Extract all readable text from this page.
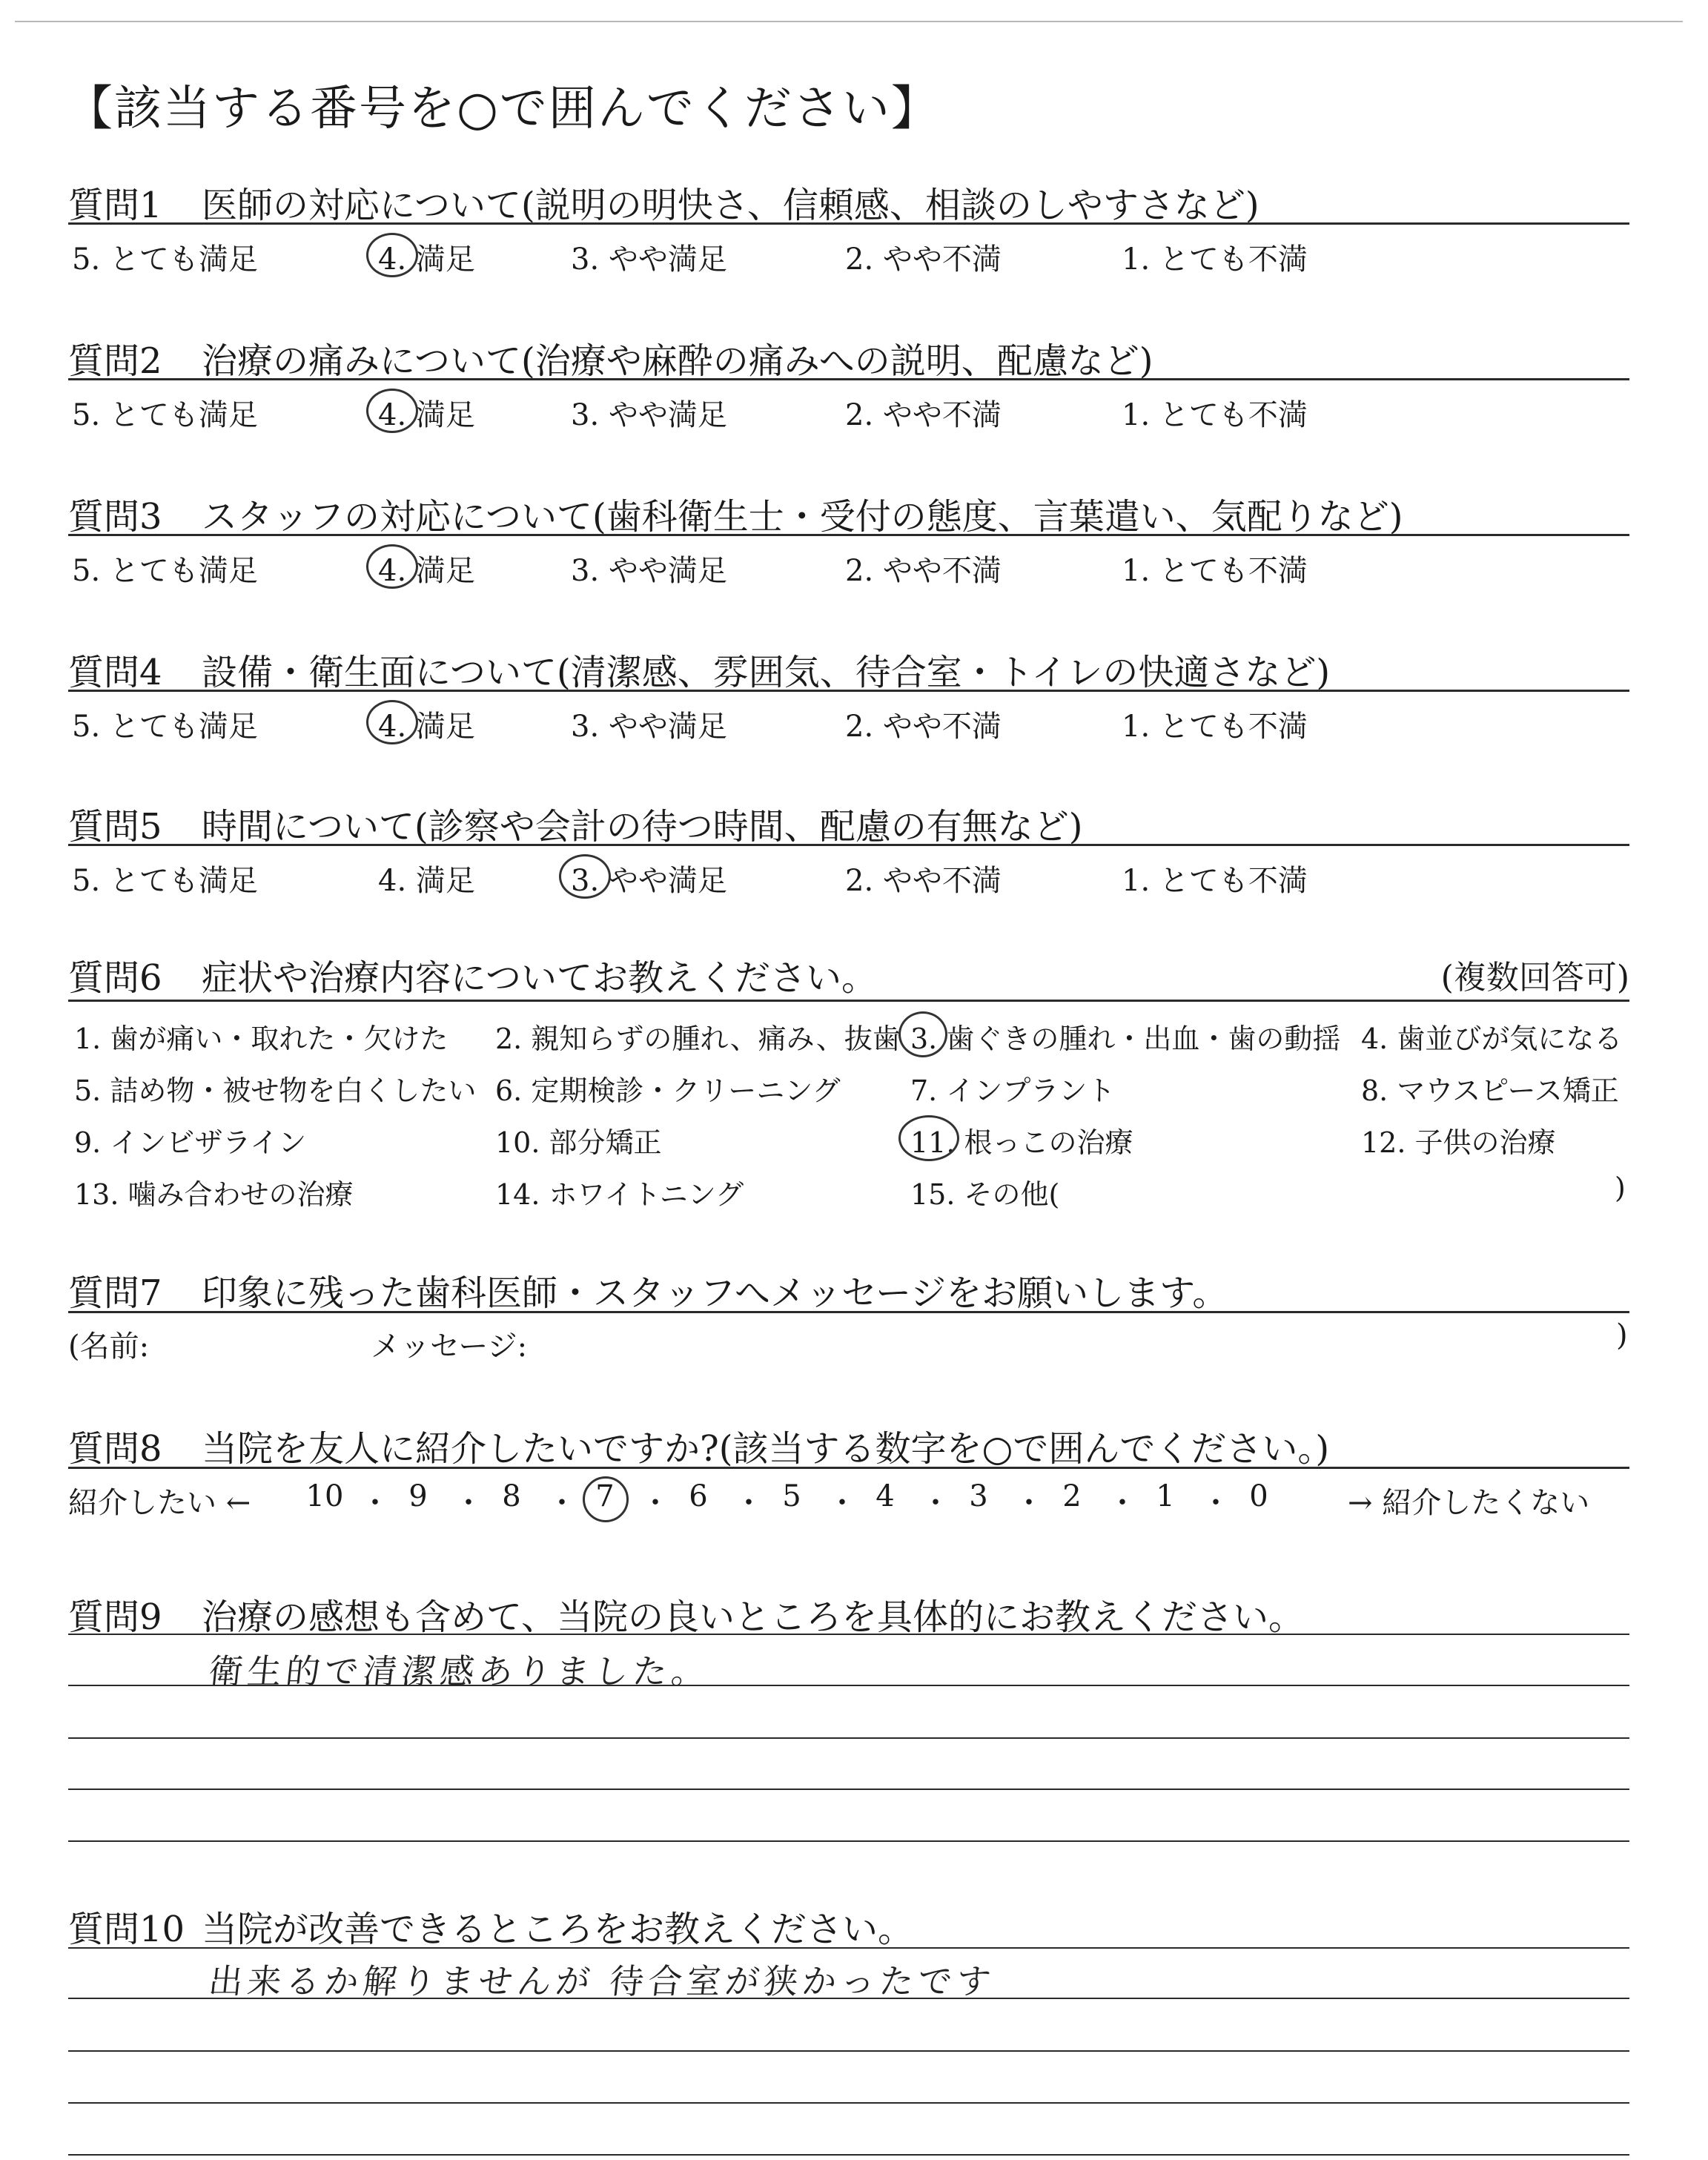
【該当する番号を○で囲んでください】
質問1	医師の対応について(説明の明快さ、信頼感、相談のしやすさなど)
5. とても満足	4. 満足	3. やや満足	2. やや不満	1. とても不満
質問2	治療の痛みについて(治療や麻酔の痛みへの説明、配慮など)
5. とても満足	4. 満足	3. やや満足	2. やや不満	1. とても不満
質問3	スタッフの対応について(歯科衛生士・受付の態度、言葉遣い、気配りなど)
5. とても満足	4. 満足	3. やや満足	2. やや不満	1. とても不満
質問4	設備・衛生面について(清潔感、雰囲気、待合室・トイレの快適さなど)
5. とても満足	4. 満足	3. やや満足	2. やや不満	1. とても不満
質問5	時間について(診察や会計の待つ時間、配慮の有無など)
5. とても満足	4. 満足	3. やや満足	2. やや不満	1. とても不満
質問6	症状や治療内容についてお教えください。	(複数回答可)
1. 歯が痛い・取れた・欠けた 2. 親知らずの腫れ、痛み、抜歯 3. 歯ぐきの腫れ・出血・歯の動揺 4. 歯並びが気になる
5. 詰め物・被せ物を白くしたい 6. 定期検診・クリーニング 7. インプラント	8. マウスピース矯正
9. インビザライン	10. 部分矯正	11. 根っこの治療	12. 子供の治療
13. 噛み合わせの治療	14. ホワイトニング	15. その他(	)
質問7	印象に残った歯科医師・スタッフへメッセージをお願いします。
(名前:	メッセージ:	)
質問8	当院を友人に紹介したいですか?(該当する数字を○で囲んでください。)
紹介したい ← 10 ・ 9 ・ 8 ・ 7 ・ 6 ・ 5 ・ 4 ・ 3 ・ 2 ・ 1 ・ 0	→ 紹介したくない
質問9	治療の感想も含めて、当院の良いところを具体的にお教えください。
衛生的で清潔感ありました。
質問10 当院が改善できるところをお教えください。
出来るか解りませんが 待合室が狭かったです
